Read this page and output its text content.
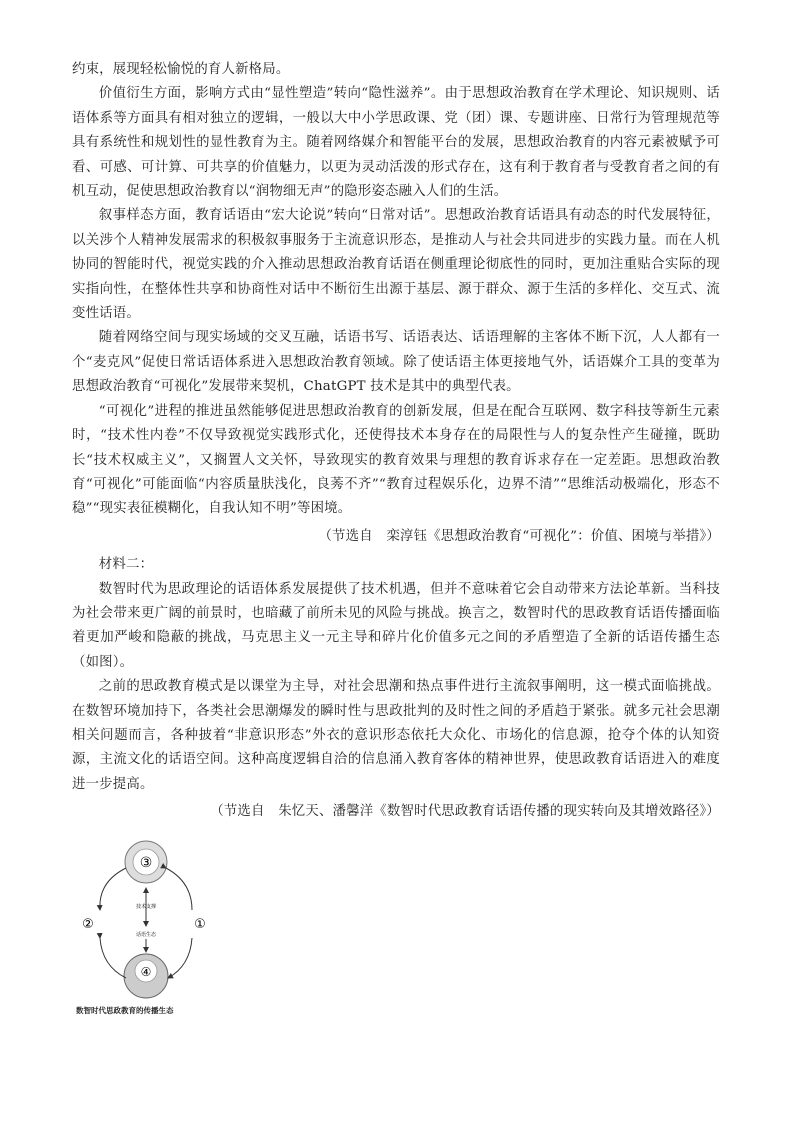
约束，展现轻松愉悦的育人新格局。

价值衍生方面，影响方式由“显性塑造”转向“隐性滋养”。由于思想政治教育在学术理论、知识规则、话语体系等方面具有相对独立的逻辑，一般以大中小学思政课、党（团）课、专题讲座、日常行为管理规范等具有系统性和规划性的显性教育为主。随着网络媒介和智能平台的发展，思想政治教育的内容元素被赋予可看、可感、可计算、可共享的价值魅力，以更为灵动活泼的形式存在，这有利于教育者与受教育者之间的有机互动，促使思想政治教育以“润物细无声”的隐形姿态融入人们的生活。

叙事样态方面，教育话语由“宏大论说”转向“日常对话”。思想政治教育话语具有动态的时代发展特征，以关涉个人精神发展需求的积极叙事服务于主流意识形态，是推动人与社会共同进步的实践力量。而在人机协同的智能时代，视觉实践的介入推动思想政治教育话语在侧重理论彻底性的同时，更加注重贴合实际的现实指向性，在整体性共享和协商性对话中不断衍生出源于基层、源于群众、源于生活的多样化、交互式、流变性话语。

随着网络空间与现实场域的交叉互融，话语书写、话语表达、话语理解的主客体不断下沉，人人都有一个“麦克风”促使日常话语体系进入思想政治教育领域。除了使话语主体更接地气外，话语媒介工具的变革为思想政治教育“可视化”发展带来契机，ChatGPT 技术是其中的典型代表。

“可视化”进程的推进虽然能够促进思想政治教育的创新发展，但是在配合互联网、数字科技等新生元素时，“技术性内卷”不仅导致视觉实践形式化，还使得技术本身存在的局限性与人的复杂性产生碰撞，既助长“技术权威主义”，又搁置人文关怀，导致现实的教育效果与理想的教育诉求存在一定差距。思想政治教育“可视化”可能面临“内容质量肤浅化，良莠不齐”“教育过程娱乐化，边界不清”“思维活动极端化，形态不稳”“现实表征模糊化，自我认知不明”等困境。

（节选自　栾淳钰《思想政治教育“可视化”：价值、困境与举措》）

材料二：

数智时代为思政理论的话语体系发展提供了技术机遇，但并不意味着它会自动带来方法论革新。当科技为社会带来更广阔的前景时，也暗藏了前所未见的风险与挑战。换言之，数智时代的思政教育话语传播面临着更加严峻和隐蔽的挑战，马克思主义一元主导和碎片化价值多元之间的矛盾塑造了全新的话语传播生态（如图）。

之前的思政教育模式是以课堂为主导，对社会思潮和热点事件进行主流叙事阐明，这一模式面临挑战。在数智环境加持下，各类社会思潮爆发的瞬时性与思政批判的及时性之间的矛盾趋于紧张。就多元社会思潮相关问题而言，各种披着“非意识形态”外衣的意识形态依托大众化、市场化的信息源，抢夺个体的认知资源，主流文化的话语空间。这种高度逻辑自洽的信息涌入教育客体的精神世界，使思政教育话语进入的难度进一步提高。

（节选自　朱忆天、潘馨洋《数智时代思政教育话语传播的现实转向及其增效路径》）

③
④
②	①
技术支撑
话语生态
数智时代思政教育的传播生态
